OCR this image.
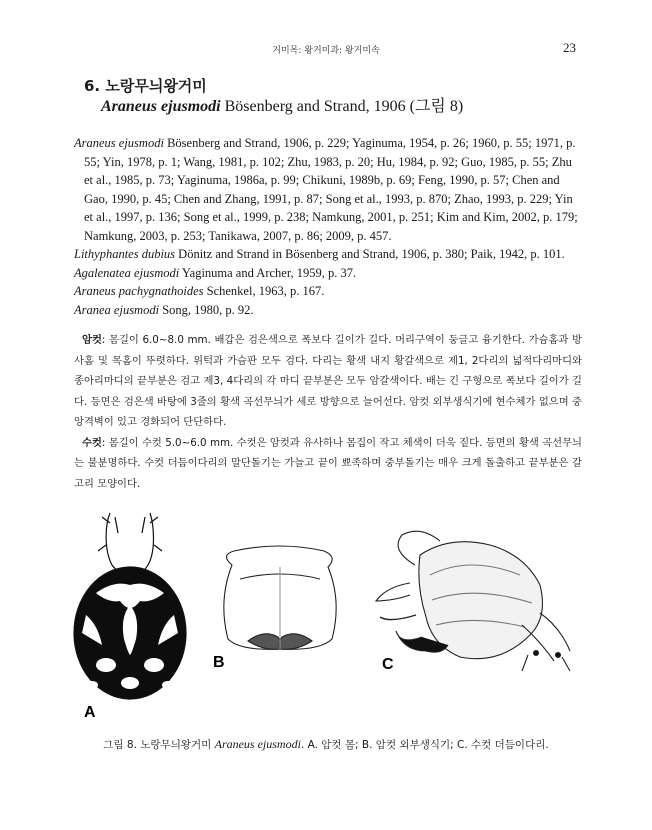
거미목: 왕거미과: 왕거미속	23
6. 노랑무늬왕거미
Araneus ejusmodi Bösenberg and Strand, 1906 (그림 8)

Araneus ejusmodi Bösenberg and Strand, 1906, p. 229; Yaginuma, 1954, p. 26; 1960, p. 55; 1971, p. 55; Yin, 1978, p. 1; Wang, 1981, p. 102; Zhu, 1983, p. 20; Hu, 1984, p. 92; Guo, 1985, p. 55; Zhu et al., 1985, p. 73; Yaginuma, 1986a, p. 99; Chikuni, 1989b, p. 69; Feng, 1990, p. 57; Chen and Gao, 1990, p. 45; Chen and Zhang, 1991, p. 87; Song et al., 1993, p. 870; Zhao, 1993, p. 229; Yin et al., 1997, p. 136; Song et al., 1999, p. 238; Namkung, 2001, p. 251; Kim and Kim, 2002, p. 179; Namkung, 2003, p. 253; Tanikawa, 2007, p. 86; 2009, p. 457.

Lithyphantes dubius Dönitz and Strand in Bösenberg and Strand, 1906, p. 380; Paik, 1942, p. 101.

Agalenatea ejusmodi Yaginuma and Archer, 1959, p. 37.

Araneus pachygnathoides Schenkel, 1963, p. 167.

Aranea ejusmodi Song, 1980, p. 92.

암컷: 몸길이 6.0~8.0 mm. 배갑은 검은색으로 폭보다 길이가 길다. 머리구역이 둥글고 융기한다. 가슴홈과 방사홈 및 목홈이 뚜렷하다. 위턱과 가슴판 모두 검다. 다리는 황색 내지 황갈색으로 제1, 2다리의 넓적다리마디와 종아리마디의 끝부분은 검고 제3, 4다리의 각 마디 끝부분은 모두 암갈색이다. 배는 긴 구형으로 폭보다 길이가 길다. 등면은 검은색 바탕에 3줄의 황색 곡선무늬가 세로 방향으로 늘어선다. 암컷 외부생식기에 현수체가 없으며 중앙격벽이 있고 경화되어 단단하다.

수컷: 몸길이 수컷 5.0~6.0 mm. 수컷은 암컷과 유사하나 몸집이 작고 체색이 더욱 짙다. 등면의 황색 곡선무늬는 불분명하다. 수컷 더듬이다리의 말단돌기는 가늘고 끝이 뾰족하며 중부돌기는 매우 크게 돌출하고 끝부분은 갈고리 모양이다.

A
B	C
그림 8. 노랑무늬왕거미 Araneus ejusmodi. A. 암컷 몸; B. 암컷 외부생식기; C. 수컷 더듬이다리.
